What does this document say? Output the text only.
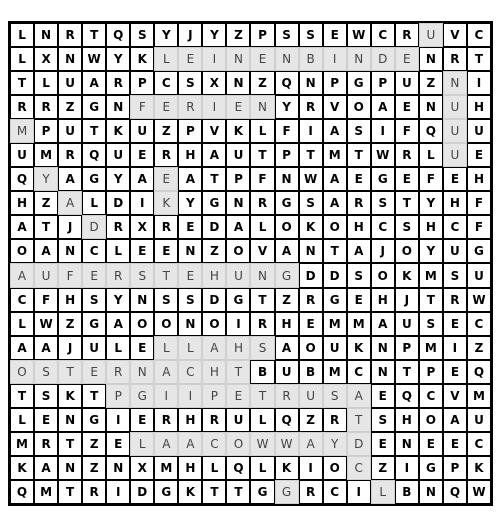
L	N	R	T	Q	S	Y	J	Y	Z	P	S	S	E	W	C	R	U	V	C
L	X	N	W	Y	K	L	E	I	N	E	N	B	I	N	D	E	N	R	T
T	L	U	A	R	P	C	S	X	N	Z	Q	N	P	G	P	U	Z	N	I
R	R	Z	G	N	F	E	R	I	E	N	Y	R	V	O	A	E	N	U	H
M	P	U	T	K	U	Z	P	V	K	L	F	I	A	S	I	F	Q	U	U
U	M	R	Q	U	E	R	H	A	U	T	P	T	M	T	W	R	L	U	E
Q	Y	A	G	Y	A	E	A	T	P	F	N	W	A	E	G	E	F	E	H
H	Z	A	L	D	I	K	Y	G	N	R	G	S	A	R	S	T	Y	H	F
A	T	J	D	R	X	R	E	D	A	L	O	K	O	H	C	S	H	C	F
O	A	N	C	L	E	E	N	Z	O	V	A	N	T	A	J	O	Y	U	G
A	U	F	E	R	S	T	E	H	U	N	G	D	D	S	O	K	M	S	U
C	F	H	S	Y	N	S	S	D	G	T	Z	R	G	E	H	J	T	R	W
L	W	Z	G	A	O	O	N	O	I	R	H	E	M	M	A	U	S	E	C
A	A	J	U	L	E	L	L	A	H	S	A	O	U	K	N	P	M	I	Z
O	S	T	E	R	N	A	C	H	T	B	U	B	M	C	N	T	P	E	Q
T	S	K	T	P	G	I	I	P	E	T	R	U	S	A	E	Q	C	V	M
L	E	N	G	I	E	R	H	R	U	L	Q	Z	R	T	S	H	O	A	U
M	R	T	Z	E	L	A	A	C	O	W	W	A	Y	D	E	N	E	E	C
K	A	N	Z	N	X	M	H	L	Q	L	K	I	O	C	Z	I	G	P	K
Q	M	T	R	I	D	G	K	T	T	G	G	R	C	I	L	B	N	Q	W
